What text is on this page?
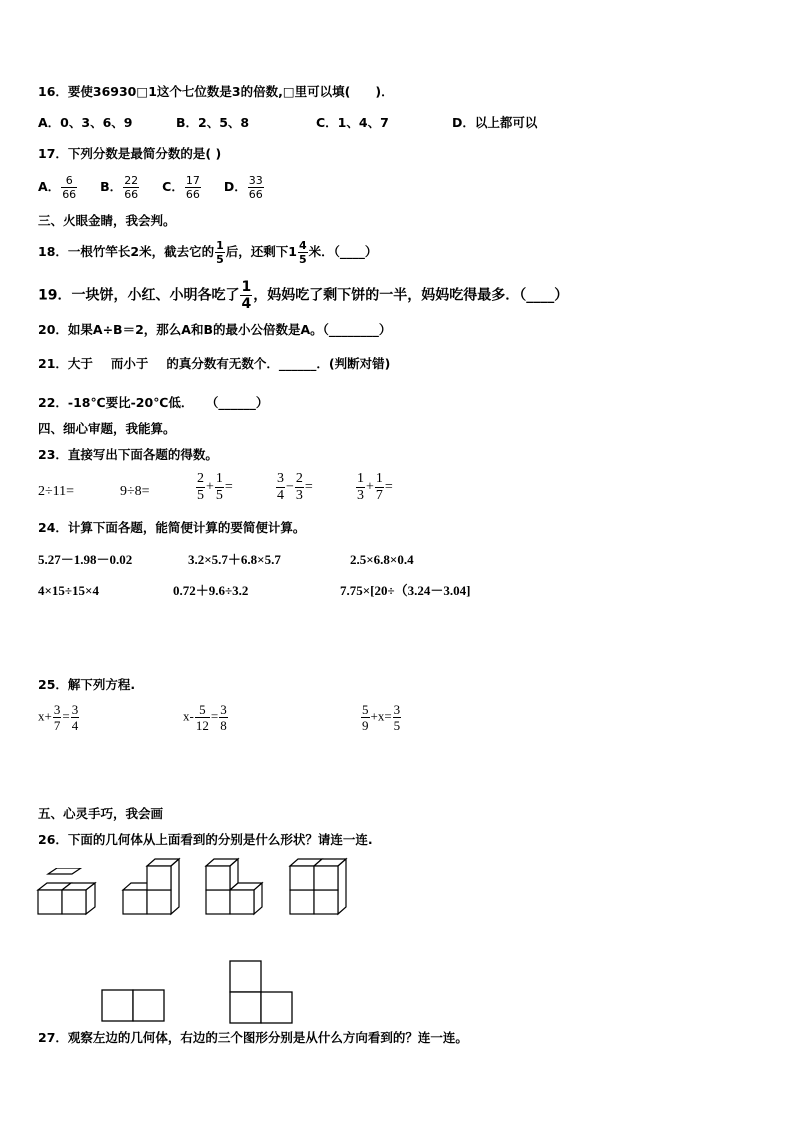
16．要使36930□1这个七位数是3的倍数,□里可以填(　　)．
A．0、3、6、9	B．2、5、8	C．1、4、7	D．以上都可以
17．下列分数是最简分数的是( )
A． $\frac{6}{66}$ B． $\frac{22}{66}$ C． $\frac{17}{66}$ D． $\frac{33}{66}$
三、火眼金睛，我会判。
18．一根竹竿长2米，截去它的 $\frac{1}{5}$ 后，还剩下$1 \frac{4}{5}$ 米．（____）
19．一块饼，小红、小明各吃了 $\frac{1}{4}$ ，妈妈吃了剩下饼的一半，妈妈吃得最多．（____）
20．如果A÷B＝2，那么A和B的最小公倍数是A。（________）
21．大于 而小于 的真分数有无数个．______．(判断对错)
22．-18℃要比-20℃低．　　（______）
四、细心审题，我能算。
23．直接写出下面各题的得数。
2÷11=	9÷8=	$\frac{2}{5} + \frac{1}{5}$ =	$\frac{3}{4} - \frac{2}{3}$ =	$\frac{1}{3} + \frac{1}{7}$ =
24．计算下面各题，能简便计算的要简便计算。
5.27－1.98－0.02	3.2×5.7＋6.8×5.7	2.5×6.8×0.4
4×15÷15×4	0.72＋9.6÷3.2	7.75×[20÷（3.24－3.04]
25．解下列方程.
$x+ \frac{3}{7} = \frac{3}{4}$	$x- \frac{5}{12} = \frac{3}{8}$	$\frac{5}{9} +x= \frac{3}{5}$
五、心灵手巧，我会画
26．下面的几何体从上面看到的分别是什么形状？请连一连.
27．观察左边的几何体，右边的三个图形分别是从什么方向看到的？连一连。
